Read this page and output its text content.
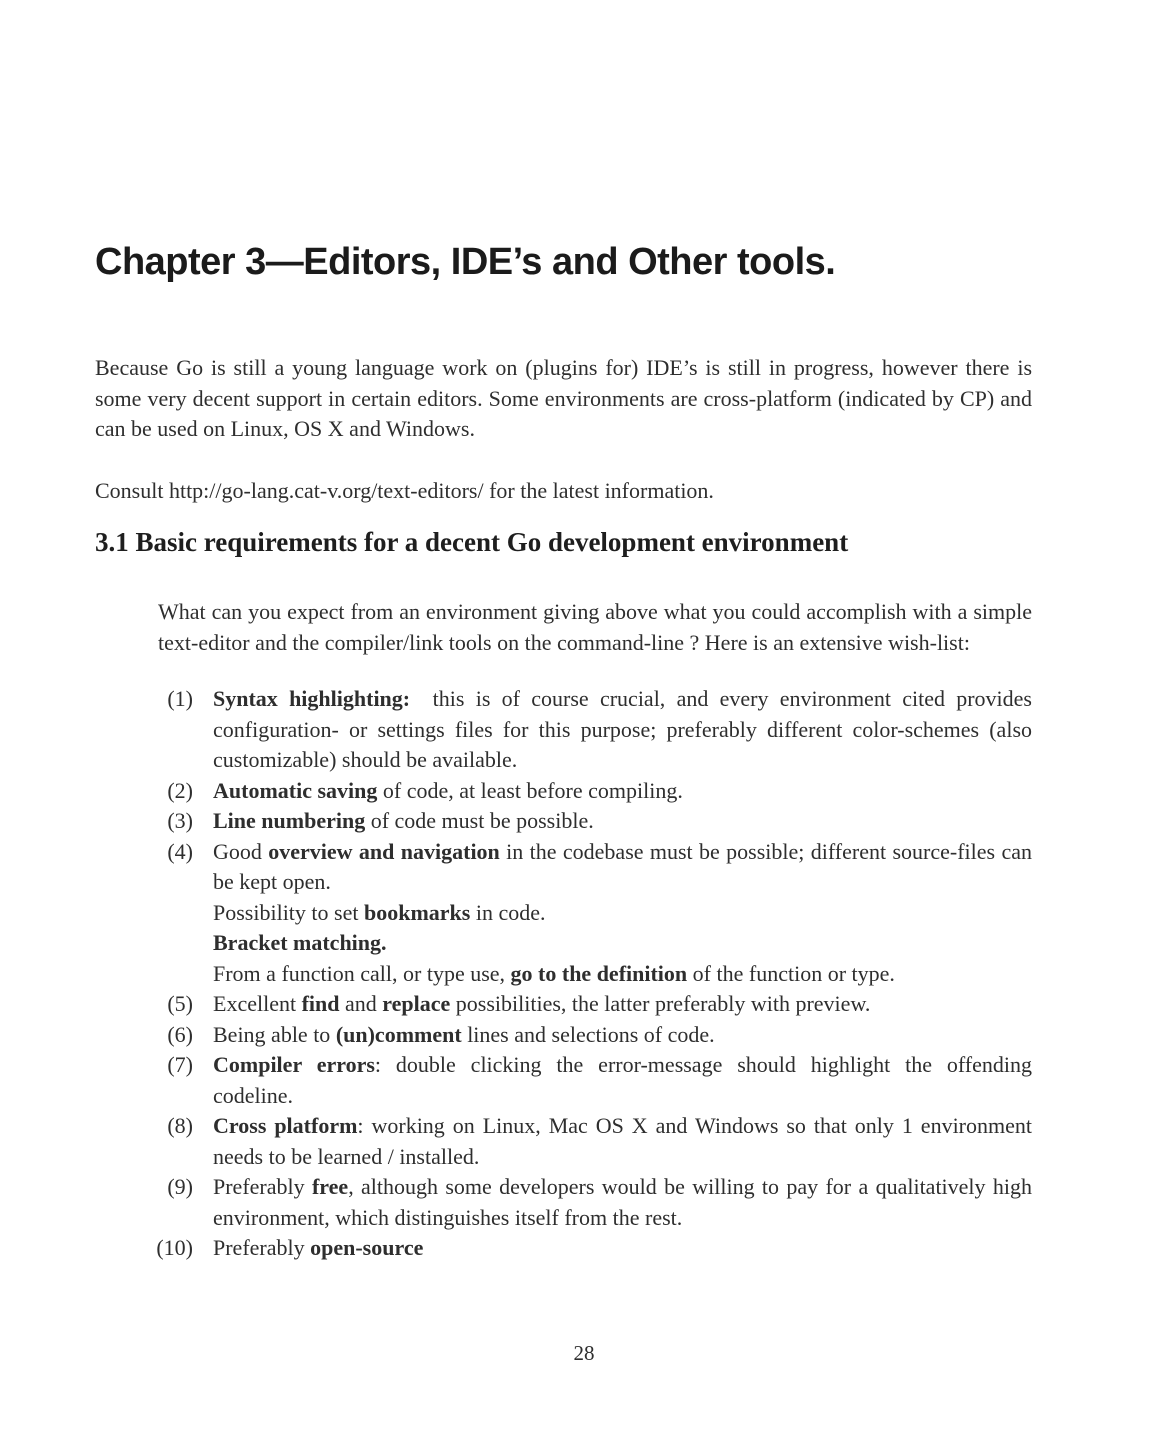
Chapter 3—Editors, IDE’s and Other tools.

Because Go is still a young language work on (plugins for) IDE’s is still in progress, however there is some very decent support in certain editors. Some environments are cross-platform (indicated by CP) and can be used on Linux, OS X and Windows.

Consult http://go-lang.cat-v.org/text-editors/ for the latest information.

3.1 Basic requirements for a decent Go development environment

What can you expect from an environment giving above what you could accomplish with a simple text-editor and the compiler/link tools on the command-line ? Here is an extensive wish-list:

(1) Syntax highlighting:  this is of course crucial, and every environment cited provides configuration- or settings files for this purpose; preferably different color-schemes (also customizable) should be available.
(2) Automatic saving of code, at least before compiling.
(3) Line numbering of code must be possible.
(4) Good overview and navigation in the codebase must be possible; different source-files can be kept open.
Possibility to set bookmarks in code.
Bracket matching.
From a function call, or type use, go to the definition of the function or type.
(5) Excellent find and replace possibilities, the latter preferably with preview.
(6) Being able to (un)comment lines and selections of code.
(7) Compiler errors: double clicking the error-message should highlight the offending codeline.
(8) Cross platform: working on Linux, Mac OS X and Windows so that only 1 environment needs to be learned / installed.
(9) Preferably free, although some developers would be willing to pay for a qualitatively high environment, which distinguishes itself from the rest.
(10) Preferably open-source
28
